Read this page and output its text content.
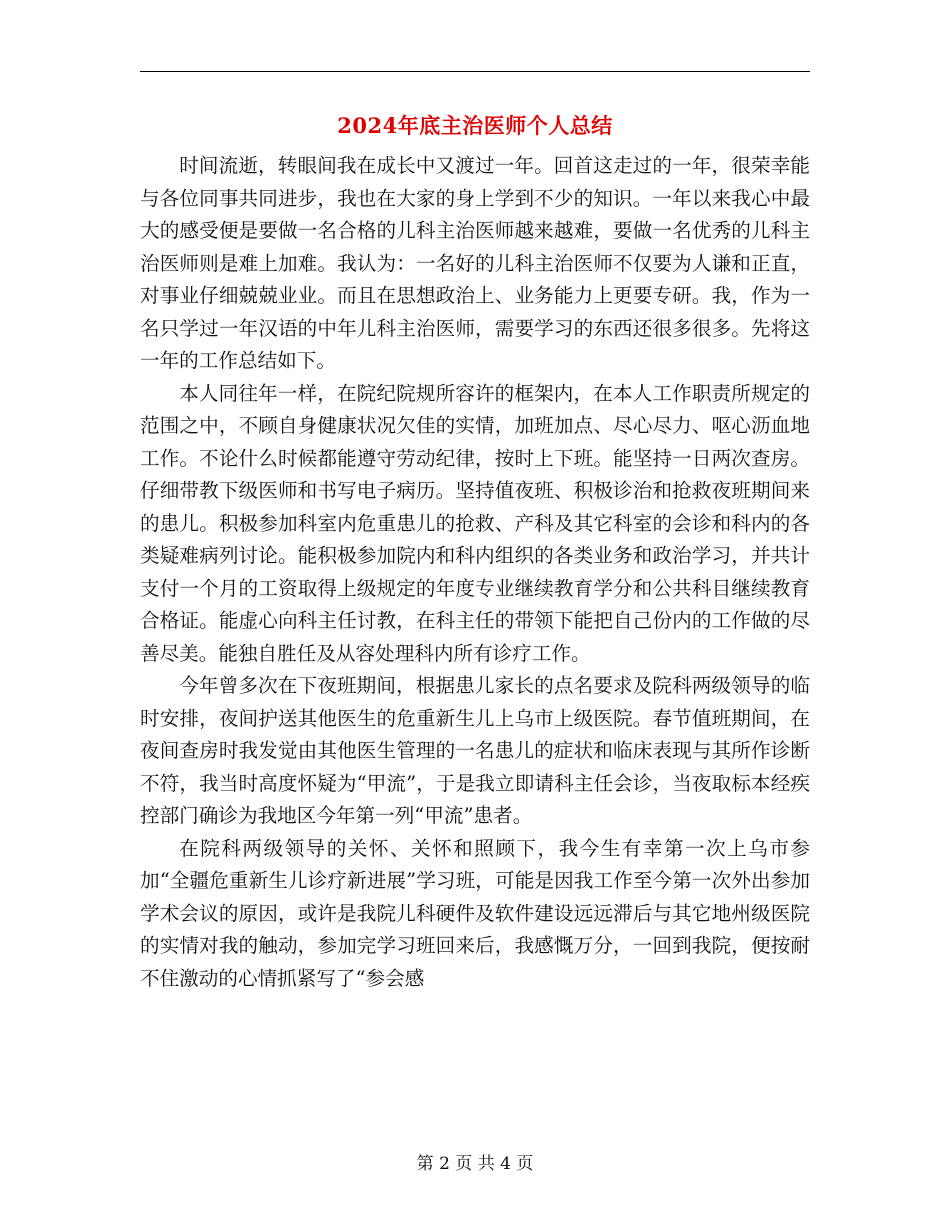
2024年底主治医师个人总结

时间流逝，转眼间我在成长中又渡过一年。回首这走过的一年，很荣幸能与各位同事共同进步，我也在大家的身上学到不少的知识。一年以来我心中最大的感受便是要做一名合格的儿科主治医师越来越难，要做一名优秀的儿科主治医师则是难上加难。我认为：一名好的儿科主治医师不仅要为人谦和正直，对事业仔细兢兢业业。而且在思想政治上、业务能力上更要专研。我，作为一名只学过一年汉语的中年儿科主治医师，需要学习的东西还很多很多。先将这一年的工作总结如下。

本人同往年一样，在院纪院规所容许的框架内，在本人工作职责所规定的范围之中，不顾自身健康状况欠佳的实情，加班加点、尽心尽力、呕心沥血地工作。不论什么时候都能遵守劳动纪律，按时上下班。能坚持一日两次查房。仔细带教下级医师和书写电子病历。坚持值夜班、积极诊治和抢救夜班期间来的患儿。积极参加科室内危重患儿的抢救、产科及其它科室的会诊和科内的各类疑难病列讨论。能积极参加院内和科内组织的各类业务和政治学习，并共计支付一个月的工资取得上级规定的年度专业继续教育学分和公共科目继续教育合格证。能虚心向科主任讨教，在科主任的带领下能把自己份内的工作做的尽善尽美。能独自胜任及从容处理科内所有诊疗工作。

今年曾多次在下夜班期间，根据患儿家长的点名要求及院科两级领导的临时安排，夜间护送其他医生的危重新生儿上乌市上级医院。春节值班期间，在夜间查房时我发觉由其他医生管理的一名患儿的症状和临床表现与其所作诊断不符，我当时高度怀疑为“甲流”，于是我立即请科主任会诊，当夜取标本经疾控部门确诊为我地区今年第一列“甲流”患者。

在院科两级领导的关怀、关怀和照顾下，我今生有幸第一次上乌市参加“全疆危重新生儿诊疗新进展”学习班，可能是因我工作至今第一次外出参加学术会议的原因，或许是我院儿科硬件及软件建设远远滞后与其它地州级医院的实情对我的触动，参加完学习班回来后，我感慨万分，一回到我院，便按耐不住激动的心情抓紧写了“参会感

第 2 页 共 4 页
